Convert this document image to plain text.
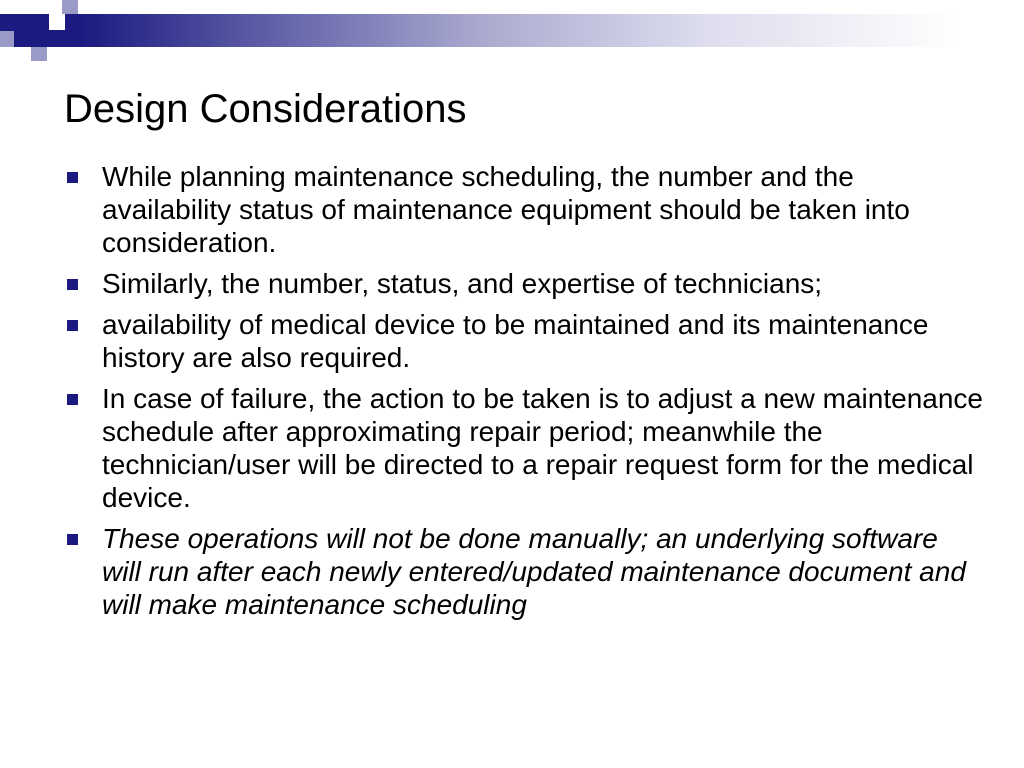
Design Considerations
While planning maintenance scheduling, the number and the availability status of maintenance equipment should be taken into consideration.
Similarly, the number, status, and expertise of technicians;
availability of medical device to be maintained and its maintenance history are also required.
In case of failure, the action to be taken is to adjust a new maintenance schedule after approximating repair period; meanwhile the technician/user will be directed to a repair request form for the medical device.
These operations will not be done manually; an underlying software will run after each newly entered/updated maintenance document and will make maintenance scheduling
